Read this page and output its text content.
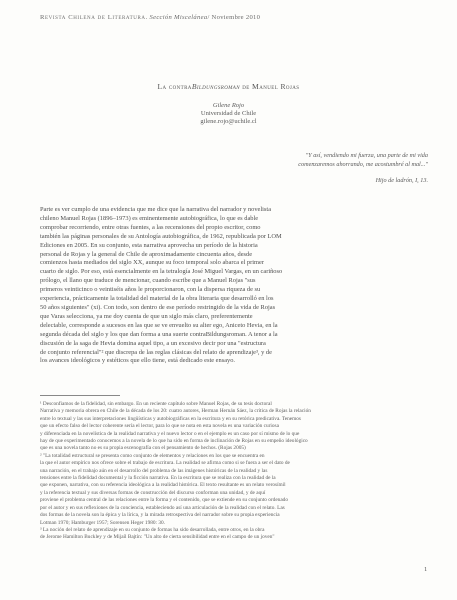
Revista Chilena de Literatura. Sección Miscelánea/ Noviembre 2010
La contraBildungsroman de Manuel Rojas
Gilene Rojo
Universidad de Chile
gilene.rojo@uchile.cl
"Y así, vendiendo mi fuerza, una parte de mi vida
comenzaremos ahorrando, me acostumbré al mal..."
Hijo de ladrón, I, 13.
Parte es ver cumplo de una evidencia que me dice que la narrativa del narrador y novelista
chileno Manuel Rojas (1896–1973) es eminentemente autobiográfica, lo que es dable
comprobar recorriendo, entre otras fuentes, a las recensiones del propio escritor, como
también las páginas personales de su Antología autobiográfica, de 1962, republicada por LOM
Ediciones en 2005. En su conjunto, esta narrativa aprovecha un período de la historia
personal de Rojas y la general de Chile de aproximadamente cincuenta años, desde
comienzos hasta mediados del siglo XX, aunque su foco temporal solo abarca el primer
cuarto de siglo. Por eso, está esencialmente en la tetralogía José Miguel Vargas, en un cariñoso
prólogo, el llano que traduce de mencionar, cuando escribe que a Manuel Rojas "sus
primeros veinticinco o veintiséis años le proporcionaron, con la dispersa riqueza de su
experiencia, prácticamente la totalidad del material de la obra literaria que desarrolló en los
50 años siguientes" (xi). Con todo, son dentro de ese período restringido de la vida de Rojas
que Varas selecciona, ya me doy cuenta de que un siglo más claro, preferentemente
delectable, corresponde a sucesos en las que se ve envuelto su alter ego, Aniceto Hevia, en la
segunda década del siglo y los que dan forma a una suerte contraBildungsroman. A tenor a la
discusión de la saga de Hevia domina aquel tipo, a un excesivo decir por una "estructura
de conjunto referencial"² que discrepa de las reglas clásicas del relato de aprendizaje³, y de
los avances ideológicos y estéticos que ello tiene, está dedicado este ensayo.
¹ Desconfiamos de la fidelidad, sin embargo. En un reciente capítulo sobre Manuel Rojas, de su tesis doctoral
Narrativa y memoria obrera en Chile de la década de los 20: cuatro autores, Herman Hernán Sáez, la crítica de Rojas la relación
entre lo textual y las sus interpretaciones lingüísticas y autobiográficas en la escritura y en su retórica predicativa. Tenemos
que un efecto falso del lector coherente sería el lector, para lo que se nota en esta novela es una variación curiosa
y diferenciada en la novelística de la realidad narrativa y el nuevo lector o en el ejemplo es un caso por sí mismo de lo que
hay de que experimentado conocemos a la novela de lo que ha sido en forma de inclinación de Rojas en su empeño ideológico
que es una novela tanto no es su propia escenografía con el pensamiento de hechos. (Rojas 2005)
² "La totalidad estructural se presenta como conjunto de elementos y relaciones en los que se encuentra en
la que el autor empírico nos ofrece sobre el trabajo de escritura. La realidad se afirma como si se fuera a ser el dato de
una narración, en el trabajo aún en el desarrollo del problema de las imágenes históricas de la realidad y las
tensiones entre la fidelidad documental y la ficción narrativa. En la escritura que se realiza con la realidad de la
que exponen, narrativa, con su referencia ideológica a la realidad histórica. El texto resultante es un relato verosímil
y la referencia textual y sus diversas formas de construcción del discurso conforman una unidad, y de aquí
proviene el problema central de las relaciones entre la forma y el contenido, que se extiende en su conjunto ordenado
por el autor y en sus reflexiones de la conciencia, estableciendo así una articulación de la realidad con el relato. Las
dos formas de la novela son la épica y la lírica, y la mirada retrospectiva del narrador sobre su propia experiencia
Lotman 1970; Hamburger 1957; Sorensen Heger 1980: 30.
³ La noción del relato de aprendizaje en su conjunto de formas ha sido desarrollada, entre otros, en la obra
de Jerome Hamilton Buckley y de Mijaíl Bajtín: "Un alto de cierta sensibilidad entre en el campo de un joven"
1
